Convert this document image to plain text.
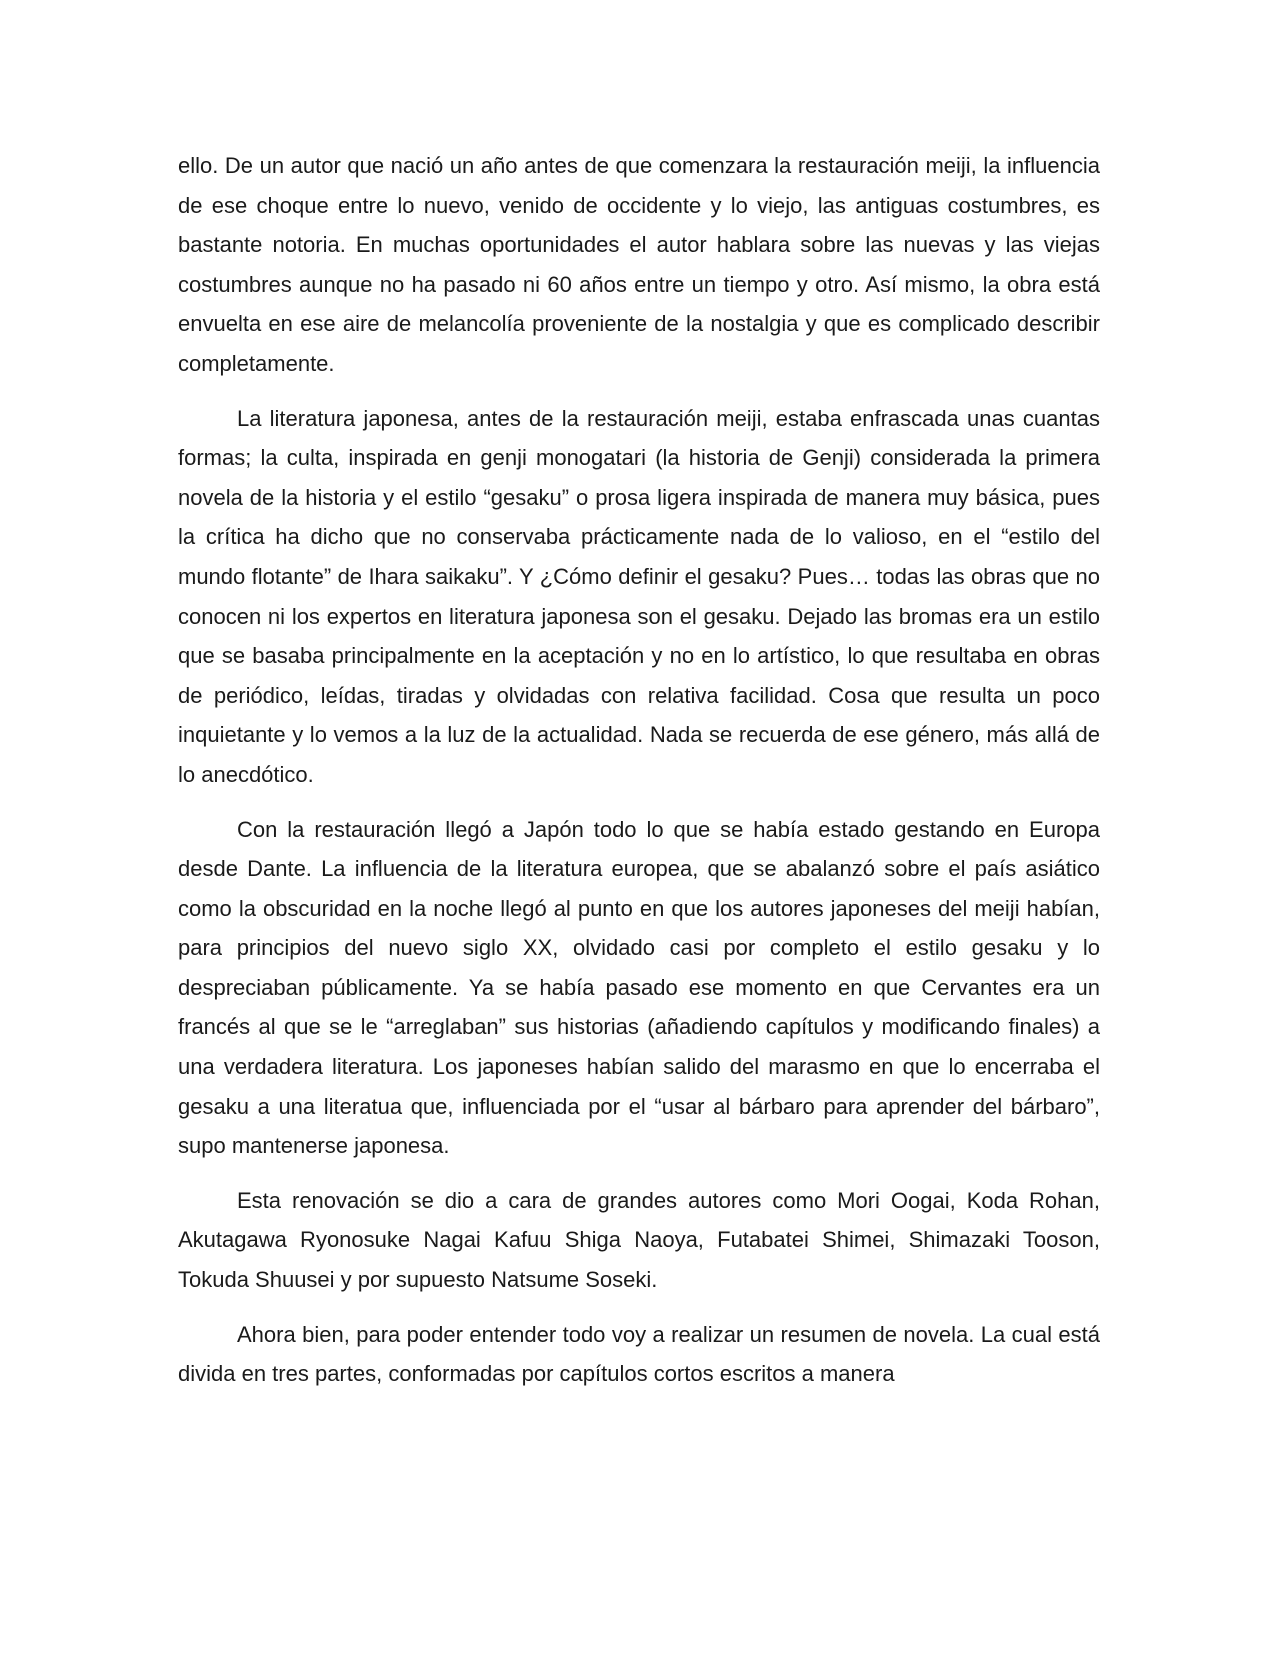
ello. De un autor que nació un año antes de que comenzara la restauración meiji, la influencia de ese choque entre lo nuevo, venido de occidente y lo viejo, las antiguas costumbres, es bastante notoria. En muchas oportunidades el autor hablara sobre las nuevas y las viejas costumbres aunque no ha pasado ni 60 años entre un tiempo y otro. Así mismo, la obra está envuelta en ese aire de melancolía proveniente de la nostalgia y que es complicado describir completamente.

La literatura japonesa, antes de la restauración meiji, estaba enfrascada unas cuantas formas; la culta, inspirada en genji monogatari (la historia de Genji) considerada la primera novela de la historia y el estilo “gesaku” o prosa ligera inspirada de manera muy básica, pues la crítica ha dicho que no conservaba prácticamente nada de lo valioso, en el “estilo del mundo flotante” de Ihara saikaku”. Y ¿Cómo definir el gesaku? Pues… todas las obras que no conocen ni los expertos en literatura japonesa son el gesaku. Dejado las bromas era un estilo que se basaba principalmente en la aceptación y no en lo artístico, lo que resultaba en obras de periódico, leídas, tiradas y olvidadas con relativa facilidad. Cosa que resulta un poco inquietante y lo vemos a la luz de la actualidad. Nada se recuerda de ese género, más allá de lo anecdótico.

Con la restauración llegó a Japón todo lo que se había estado gestando en Europa desde Dante. La influencia de la literatura europea, que se abalanzó sobre el país asiático como la obscuridad en la noche llegó al punto en que los autores japoneses del meiji habían, para principios del nuevo siglo XX, olvidado casi por completo el estilo gesaku y lo despreciaban públicamente. Ya se había pasado ese momento en que Cervantes era un francés al que se le “arreglaban” sus historias (añadiendo capítulos y modificando finales) a una verdadera literatura. Los japoneses habían salido del marasmo en que lo encerraba el gesaku a una literatua que, influenciada por el “usar al bárbaro para aprender del bárbaro”, supo mantenerse japonesa.

Esta renovación se dio a cara de grandes autores como Mori Oogai, Koda Rohan, Akutagawa Ryonosuke Nagai Kafuu Shiga Naoya, Futabatei Shimei, Shimazaki Tooson, Tokuda Shuusei y por supuesto Natsume Soseki.

Ahora bien, para poder entender todo voy a realizar un resumen de novela. La cual está divida en tres partes, conformadas por capítulos cortos escritos a manera
